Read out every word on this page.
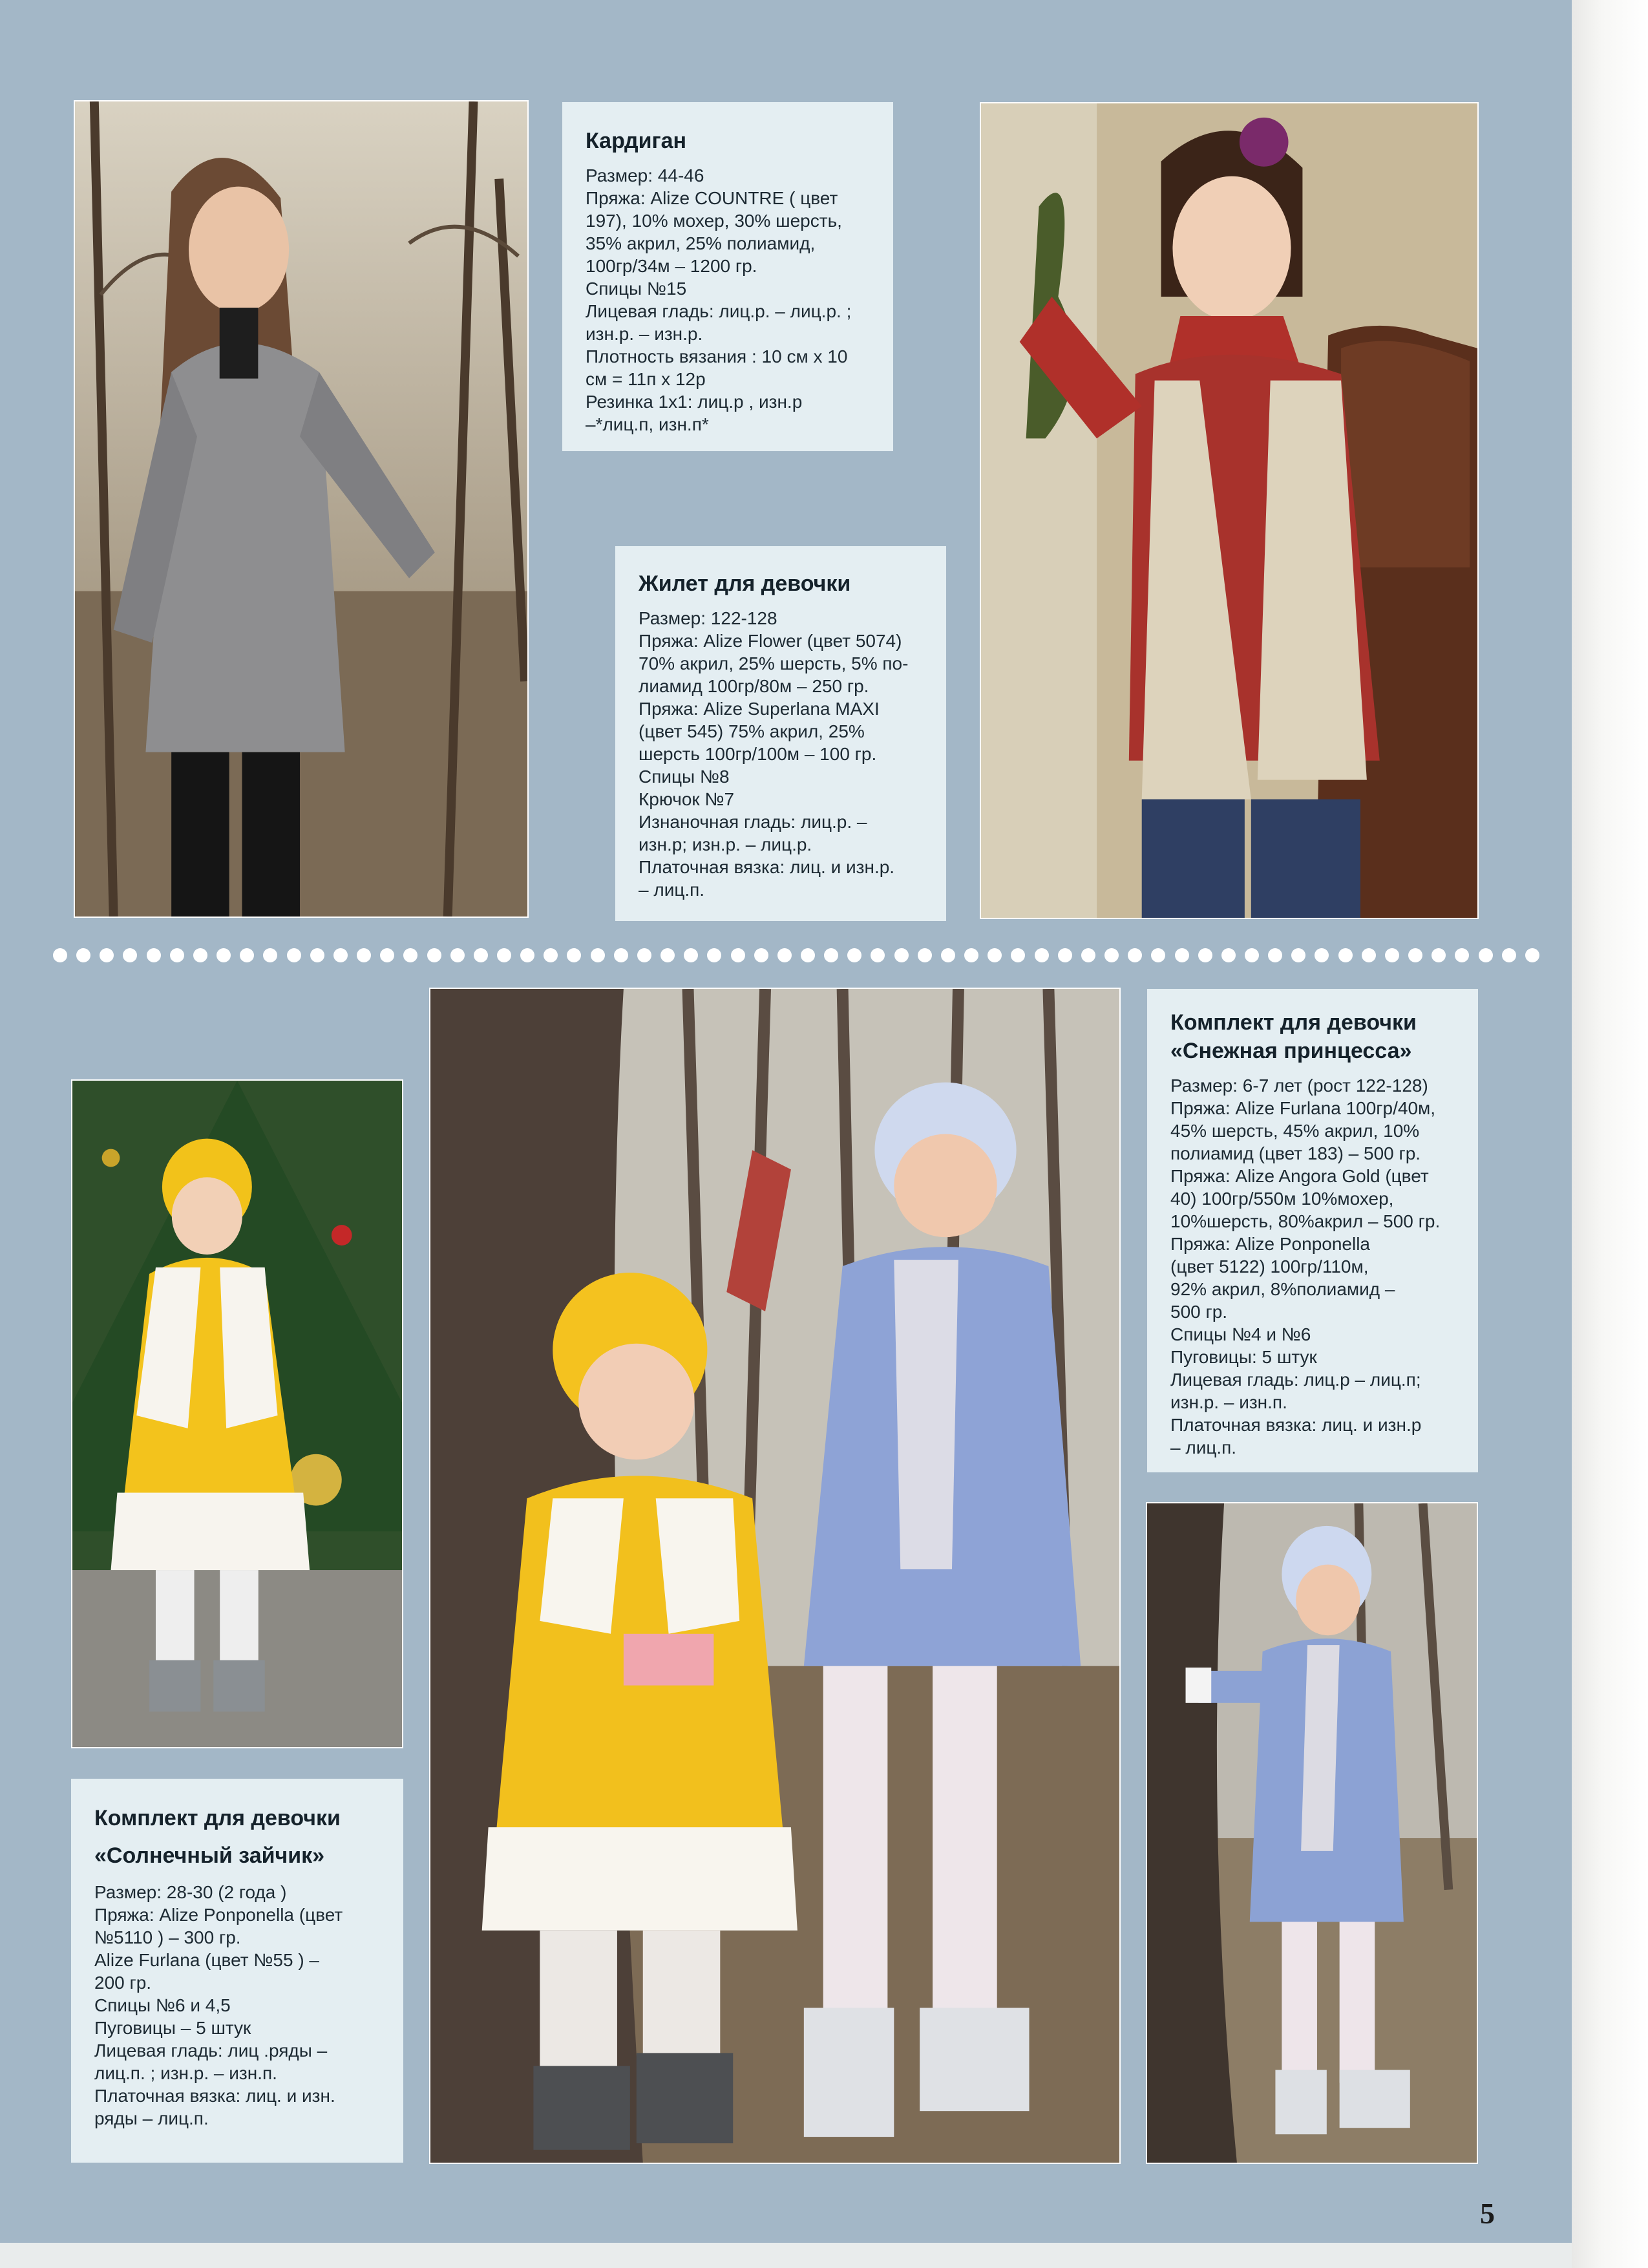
Кардиган
Размер: 44-46
Пряжа: Alize COUNTRE ( цвет
197), 10% мохер, 30% шерсть,
35% акрил, 25% полиамид,
100гр/34м – 1200 гр.
Спицы №15
Лицевая гладь: лиц.р. – лиц.р. ;
изн.р. – изн.р.
Плотность вязания : 10 см х 10
см = 11п х 12р
Резинка 1х1: лиц.р , изн.р
–*лиц.п, изн.п*
Жилет для девочки
Размер: 122-128
Пряжа: Alize Flower (цвет 5074)
70% акрил, 25% шерсть, 5% по-
лиамид 100гр/80м – 250 гр.
Пряжа: Alize Superlana MAXI
(цвет 545) 75% акрил, 25%
шерсть 100гр/100м – 100 гр.
Спицы №8
Крючок №7
Изнаночная гладь: лиц.р. –
изн.р; изн.р. – лиц.р.
Платочная вязка: лиц. и изн.р.
– лиц.п.
Комплект для девочки
«Снежная принцесса»
Размер: 6-7 лет (рост 122-128)
Пряжа: Alize Furlana 100гр/40м,
45% шерсть, 45% акрил, 10%
полиамид (цвет 183) – 500 гр.
Пряжа: Alize Angora Gold (цвет
40) 100гр/550м 10%мохер,
10%шерсть, 80%акрил – 500 гр.
Пряжа: Alize Ponponella
(цвет 5122) 100гр/110м,
92% акрил, 8%полиамид –
500 гр.
Спицы №4 и №6
Пуговицы: 5 штук
Лицевая гладь: лиц.р – лиц.п;
изн.р. – изн.п.
Платочная вязка: лиц. и изн.р
– лиц.п.
Комплект для девочки
«Солнечный зайчик»
Размер: 28-30 (2 года )
Пряжа: Alize Ponponella (цвет
№5110 ) – 300 гр.
Alize Furlana (цвет №55 ) –
200 гр.
Спицы №6 и 4,5
Пуговицы – 5 штук
Лицевая гладь: лиц .ряды –
лиц.п. ; изн.р. – изн.п.
Платочная вязка: лиц. и изн.
ряды – лиц.п.
5
